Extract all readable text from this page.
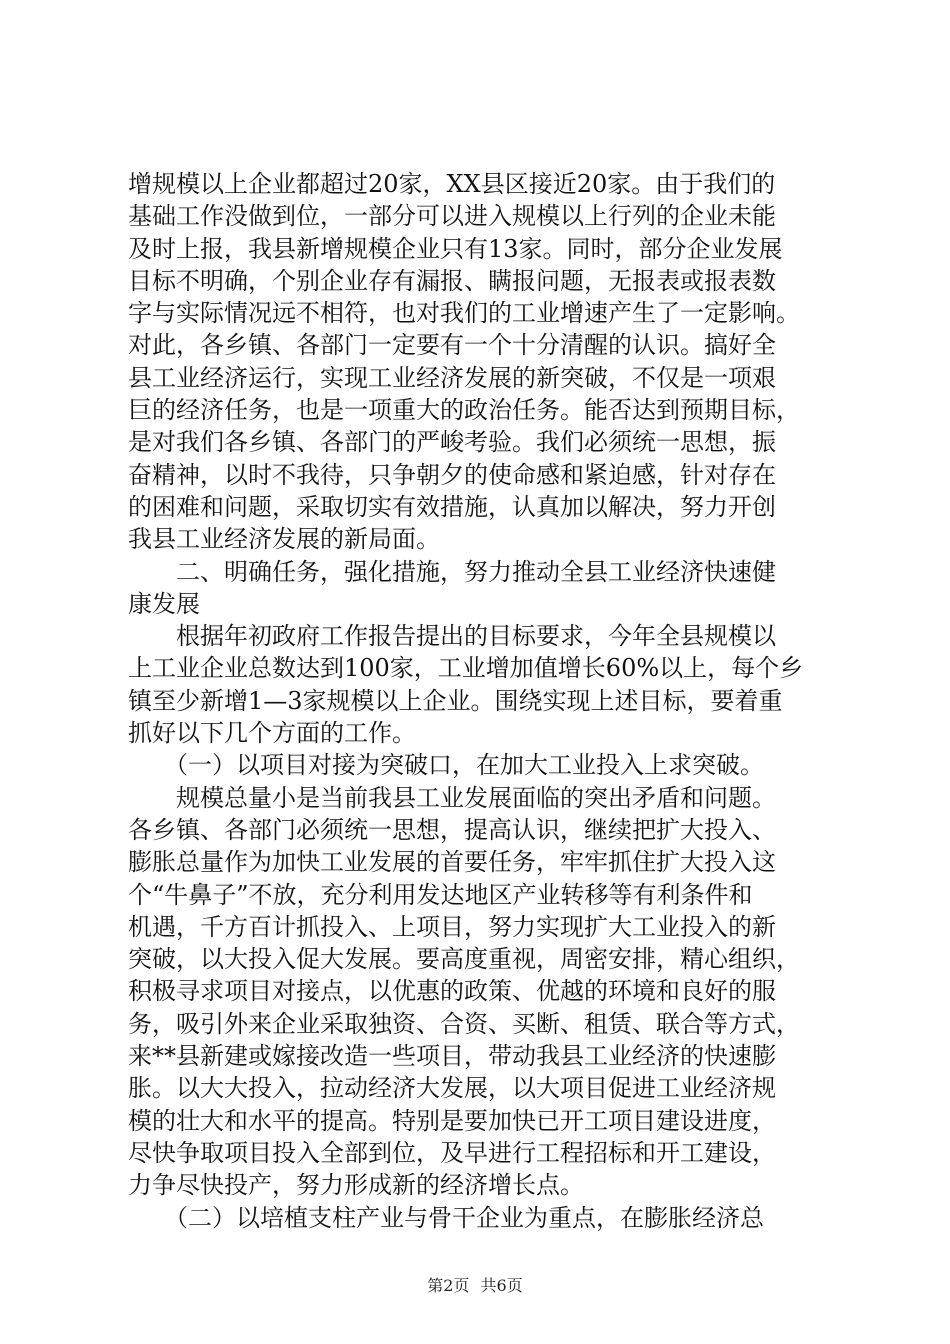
增规模以上企业都超过20家，XX县区接近20家。由于我们的
基础工作没做到位，一部分可以进入规模以上行列的企业未能
及时上报，我县新增规模企业只有13家。同时，部分企业发展
目标不明确，个别企业存有漏报、瞒报问题，无报表或报表数
字与实际情况远不相符，也对我们的工业增速产生了一定影响。
对此，各乡镇、各部门一定要有一个十分清醒的认识。搞好全
县工业经济运行，实现工业经济发展的新突破，不仅是一项艰
巨的经济任务，也是一项重大的政治任务。能否达到预期目标，
是对我们各乡镇、各部门的严峻考验。我们必须统一思想，振
奋精神，以时不我待，只争朝夕的使命感和紧迫感，针对存在
的困难和问题，采取切实有效措施，认真加以解决，努力开创
我县工业经济发展的新局面。
　　二、明确任务，强化措施，努力推动全县工业经济快速健
康发展
　　根据年初政府工作报告提出的目标要求，今年全县规模以
上工业企业总数达到100家，工业增加值增长60%以上，每个乡
镇至少新增1—3家规模以上企业。围绕实现上述目标，要着重
抓好以下几个方面的工作。
　　（一）以项目对接为突破口，在加大工业投入上求突破。
　　规模总量小是当前我县工业发展面临的突出矛盾和问题。
各乡镇、各部门必须统一思想，提高认识，继续把扩大投入、
膨胀总量作为加快工业发展的首要任务，牢牢抓住扩大投入这
个“牛鼻子”不放，充分利用发达地区产业转移等有利条件和
机遇，千方百计抓投入、上项目，努力实现扩大工业投入的新
突破，以大投入促大发展。要高度重视，周密安排，精心组织，
积极寻求项目对接点，以优惠的政策、优越的环境和良好的服
务，吸引外来企业采取独资、合资、买断、租赁、联合等方式，
来**县新建或嫁接改造一些项目，带动我县工业经济的快速膨
胀。以大大投入，拉动经济大发展，以大项目促进工业经济规
模的壮大和水平的提高。特别是要加快已开工项目建设进度，
尽快争取项目投入全部到位，及早进行工程招标和开工建设，
力争尽快投产，努力形成新的经济增长点。
　　（二）以培植支柱产业与骨干企业为重点，在膨胀经济总
第2页 共6页
